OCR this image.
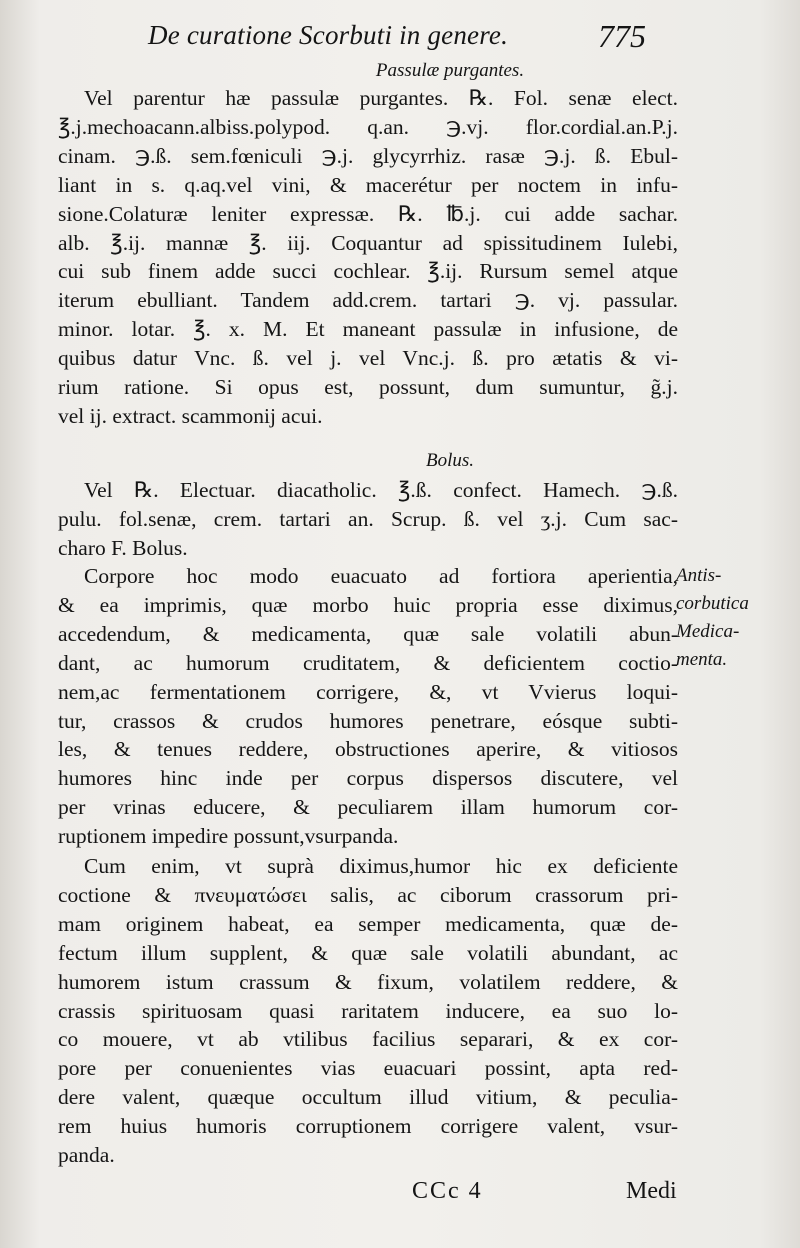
De curatione Scorbuti in genere.	775
Passulæ purgantes.
Vel parentur hæ passulæ purgantes. ℞. Fol. senæ elect.
℥.j.mechoacann.albiss.polypod. q.an. ℈.vj. flor.cordial.an.P.j.
cinam. ℈.ß. sem.fœniculi ℈.j. glycyrrhiz. rasæ ℈.j. ß. Ebul-
liant in s. q.aq.vel vini, & macerétur per noctem in infu-
sione.Colaturæ leniter expressæ. ℞. ℔.j. cui adde sachar.
alb. ℥.ij. mannæ ℥. iij. Coquantur ad spissitudinem Iulebi,
cui sub finem adde succi cochlear. ℥.ij. Rursum semel atque
iterum ebulliant. Tandem add.crem. tartari ℈. vj. passular.
minor. lotar. ℥. x. M. Et maneant passulæ in infusione, de
quibus datur Vnc. ß. vel j. vel Vnc.j. ß. pro ætatis & vi-
rium ratione. Si opus est, possunt, dum sumuntur, g̃.j.
vel ij. extract. scammonij acui.
Bolus.
Vel ℞. Electuar. diacatholic. ℥.ß. confect. Hamech. ℈.ß.
pulu. fol.senæ, crem. tartari an. Scrup. ß. vel ʒ.j. Cum sac-
charo F. Bolus.
Corpore hoc modo euacuato ad fortiora aperientia,
& ea imprimis, quæ morbo huic propria esse diximus,
accedendum, & medicamenta, quæ sale volatili abun-
dant, ac humorum cruditatem, & deficientem coctio-
nem,ac fermentationem corrigere, &, vt Vvierus loqui-
tur, crassos & crudos humores penetrare, eósque subti-
les, & tenues reddere, obstructiones aperire, & vitiosos
humores hinc inde per corpus dispersos discutere, vel
per vrinas educere, & peculiarem illam humorum cor-
ruptionem impedire possunt,vsurpanda.
Antis-
corbutica
Medica-
menta.
Cum enim, vt suprà diximus,humor hic ex deficiente
coctione & πνευματώσει salis, ac ciborum crassorum pri-
mam originem habeat, ea semper medicamenta, quæ de-
fectum illum supplent, & quæ sale volatili abundant, ac
humorem istum crassum & fixum, volatilem reddere, &
crassis spirituosam quasi raritatem inducere, ea suo lo-
co mouere, vt ab vtilibus facilius separari, & ex cor-
pore per conuenientes vias euacuari possint, apta red-
dere valent, quæque occultum illud vitium, & peculia-
rem huius humoris corruptionem corrigere valent, vsur-
panda.
CCc 4	Medi
